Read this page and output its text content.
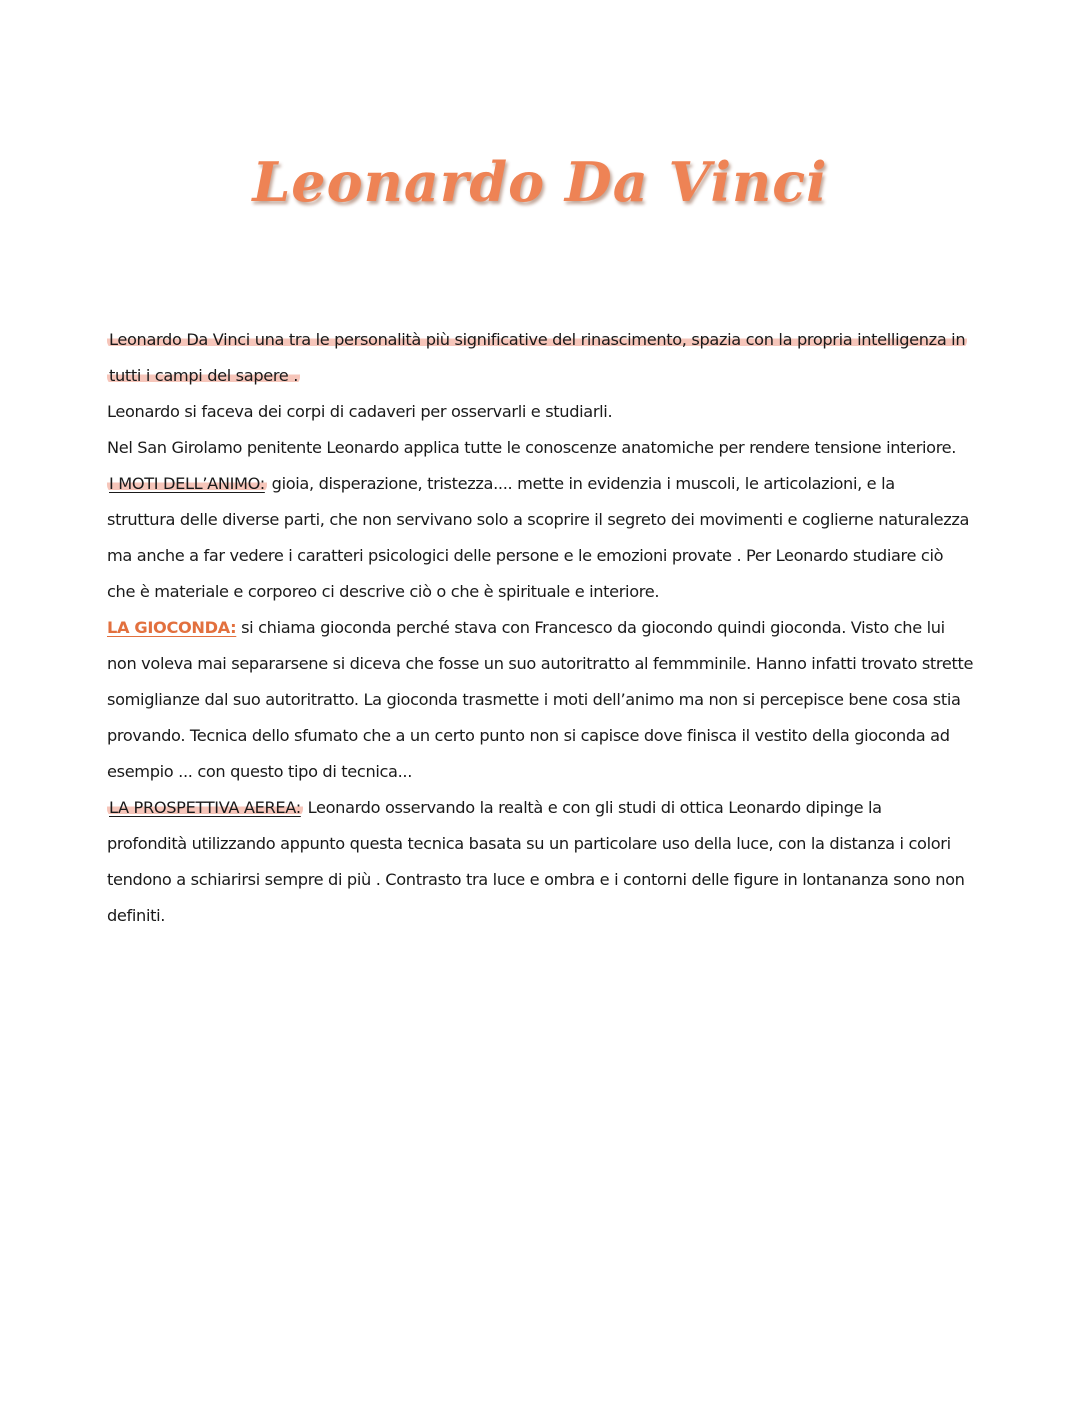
Leonardo Da Vinci
Leonardo Da Vinci una tra le personalità più significative del rinascimento, spazia con la propria intelligenza in
tutti i campi del sapere .
Leonardo si faceva dei corpi di cadaveri per osservarli e studiarli.
Nel San Girolamo penitente Leonardo applica tutte le conoscenze anatomiche per rendere tensione interiore.
I MOTI DELL’ANIMO: gioia, disperazione, tristezza.... mette in evidenzia i muscoli, le articolazioni, e la
struttura delle diverse parti, che non servivano solo a scoprire il segreto dei movimenti e coglierne naturalezza
ma anche a far vedere i caratteri psicologici delle persone e le emozioni provate . Per Leonardo studiare ciò
che è materiale e corporeo ci descrive ciò o che è spirituale e interiore.
LA GIOCONDA: si chiama gioconda perché stava con Francesco da giocondo quindi gioconda. Visto che lui
non voleva mai separarsene si diceva che fosse un suo autoritratto al femmminile. Hanno infatti trovato strette
somiglianze dal suo autoritratto. La gioconda trasmette i moti dell’animo ma non si percepisce bene cosa stia
provando. Tecnica dello sfumato che a un certo punto non si capisce dove finisca il vestito della gioconda ad
esempio ... con questo tipo di tecnica...
LA PROSPETTIVA AEREA: Leonardo osservando la realtà e con gli studi di ottica Leonardo dipinge la
profondità utilizzando appunto questa tecnica basata su un particolare uso della luce, con la distanza i colori
tendono a schiarirsi sempre di più . Contrasto tra luce e ombra e i contorni delle figure in lontananza sono non
definiti.
